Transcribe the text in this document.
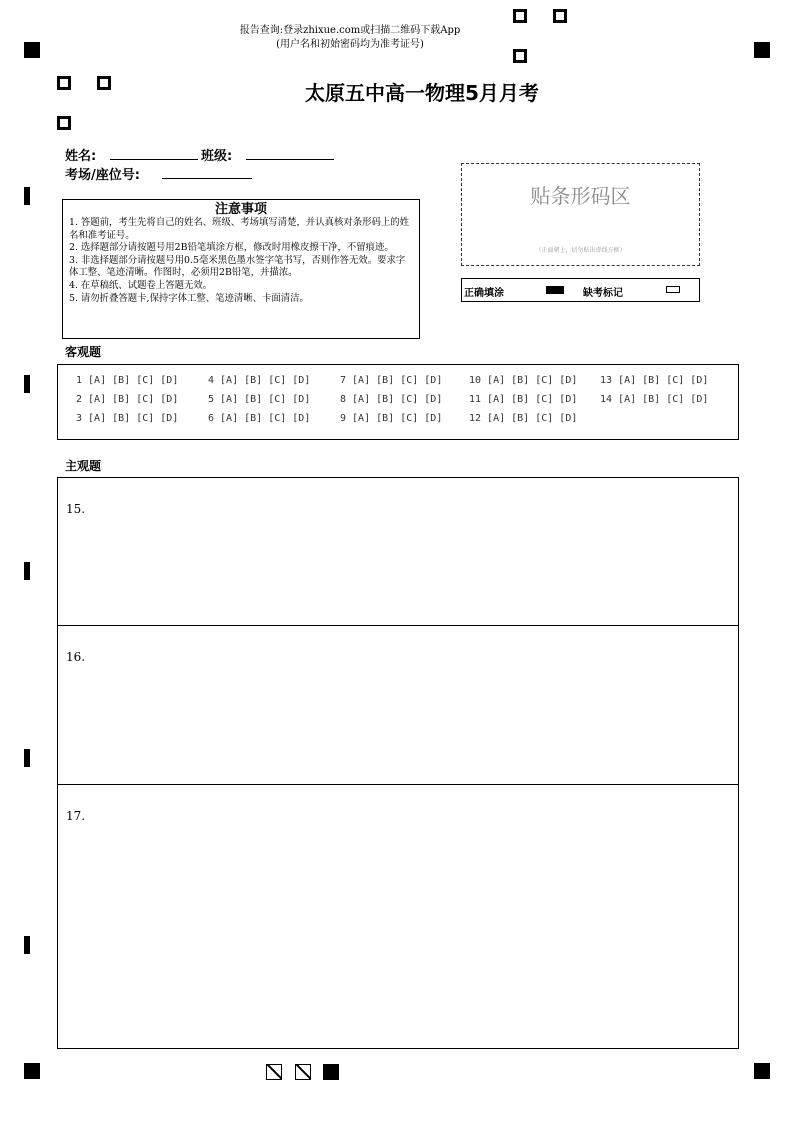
报告查询:登录zhixue.com或扫描二维码下载App
(用户名和初始密码均为准考证号)
太原五中高一物理5月月考
姓名:	班级:
考场/座位号:
注意事项
1. 答题前，考生先将自己的姓名、班级、考场填写清楚，并认真核对条形码上的姓名和准考证号。
2. 选择题部分请按题号用2B铅笔填涂方框，修改时用橡皮擦干净，不留痕迹。
3. 非选择题部分请按题号用0.5毫米黑色墨水签字笔书写，否则作答无效。要求字体工整、笔迹清晰。作图时，必须用2B铅笔，并描浓。
4. 在草稿纸、试题卷上答题无效。
5. 请勿折叠答题卡,保持字体工整、笔迹清晰、卡面清洁。
贴条形码区
（正面朝上，切勿贴出虚线方框）
正确填涂	缺考标记
客观题
1 [A] [B] [C] [D]
2 [A] [B] [C] [D]
3 [A] [B] [C] [D]
4 [A] [B] [C] [D]
5 [A] [B] [C] [D]
6 [A] [B] [C] [D]
7 [A] [B] [C] [D]
8 [A] [B] [C] [D]
9 [A] [B] [C] [D]
10 [A] [B] [C] [D]
11 [A] [B] [C] [D]
12 [A] [B] [C] [D]
13 [A] [B] [C] [D]
14 [A] [B] [C] [D]
主观题
15.
16.
17.
